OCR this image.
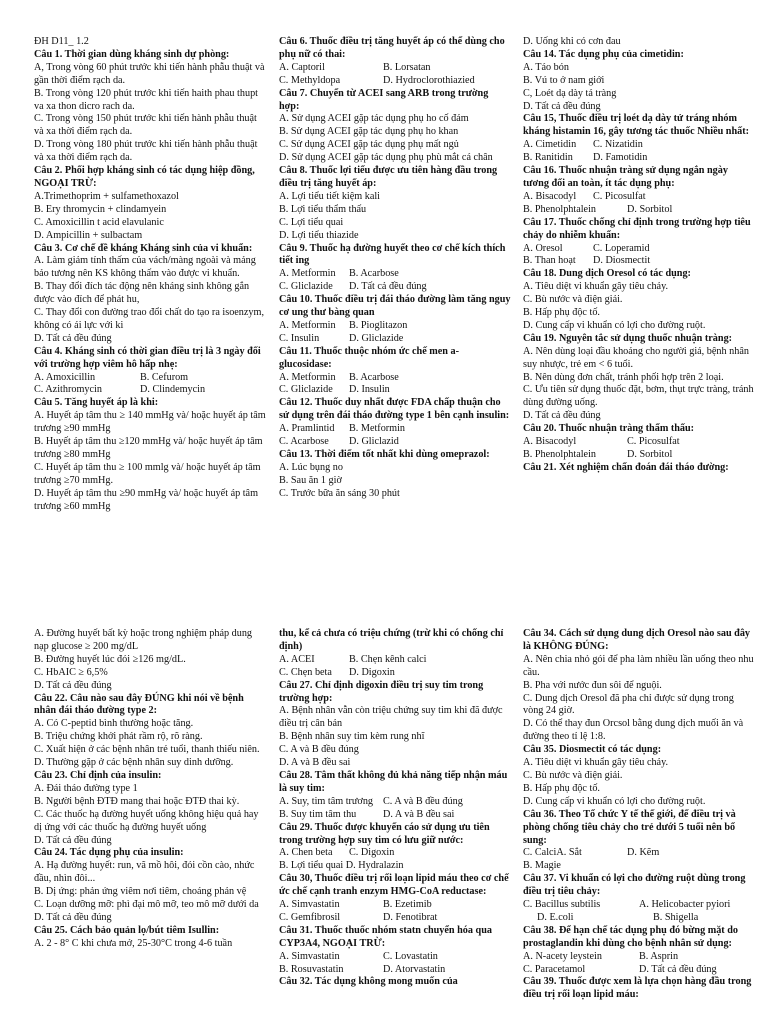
ĐH D11_ 1.2

Câu 1. Thời gian dùng kháng sinh dự phòng:

A, Trong vòng 60 phút trước khi tiến hành phẫu thuật và gần thời điểm rạch da.

B. Trong vòng 120 phút trước khi tiến haith phau thupt va xa thon dicro rach da.

C. Trong vòng 150 phút trước khi tiến hành phẫu thuật và xa thời điểm rạch da.

D. Trong vòng 180 phút trước khi tiến hành phẫu thuật và xa thời điểm rạch da.

Câu 2. Phối hợp kháng sinh có tác dụng hiệp đồng, NGOẠI TRỪ:

A.Trimethoprim + sulfamethoxazol

B. Ery thromycin + clindamyein

C. Amoxicillin t acid elavulanic

D. Ampicillin + sulbactam

Câu 3. Cơ chế đề kháng Kháng sinh của vi khuẩn:

A. Làm giảm tính thấm của vách/màng ngoài và mảng bảo tương nên KS không thấm vào được vi khuẩn.

B. Thay đổi đích tác động nên kháng sinh không gắn được vào đích để phát hu,

C. Thay đổi con đường trao đổi chất do tạo ra isoenzym, không có ái lực với ki

D. Tất cả đều đúng

Câu 4. Kháng sinh có thời gian điều trị là 3 ngày đối với trường hợp viêm hô hấp nhẹ:

A. Amoxicillin	B. Cefurom
C. Azithromycin	D. Clindemycin

Câu 5. Tăng huyết áp là khi:

A. Huyết áp tâm thu ≥ 140 mmHg và/ hoặc huyết áp tâm trương ≥90 mmHg

B. Huyết áp tâm thu ≥120 mmHg và/ hoặc huyết áp tâm trương ≥80 mmHg

C. Huyết áp tâm thu ≥ 100 mmlg và/ hoặc huyết áp tâm trương ≥70 mmHg.

D. Huyết áp tâm thu ≥90 mmHg và/ hoặc huyết áp tâm trương ≥60 mmHg

Câu 6. Thuốc điều trị tăng huyết áp có thể dùng cho phụ nữ có thai:

A. Captoril	B. Lorsatan
C. Methyldopa	D. Hydroclorothiazied

Câu 7. Chuyển từ ACEI sang ARB trong trường hợp:

A. Sử dụng ACEI gặp tác dụng phụ ho cố đám

B. Sử dụng ACEI gặp tác dụng phụ ho khan

C. Sử dụng ACEI gặp tác dụng phụ mất ngủ

D. Sử dụng ACEI gặp tác dụng phụ phù mắt cá chân

Câu 8. Thuốc lợi tiểu được ưu tiên hàng đầu trong điều trị tăng huyết áp:

A. Lợi tiểu tiết kiệm kali

B. Lợi tiểu thẩm thấu

C. Lợi tiểu quai

D. Lợi tiểu thiazide

Câu 9. Thuốc hạ đường huyết theo cơ chế kích thích tiết ing

A. Metformin	B. Acarbose
C. Gliclazide	D. Tất cả đều đúng

Câu 10. Thuốc điều trị đái tháo đường làm tăng nguy cơ ung thư bàng quan

A. Metformin	B. Pioglitazon
C. Insulin	D. Gliclazide

Câu 11. Thuốc thuộc nhóm ức chế men a-glucosidase:

A. Metformin	B. Acarbose
C. Gliclazide	D. Insulin

Câu 12. Thuốc duy nhất được FDA chấp thuận cho sử dụng trên đái tháo đường type 1 bên cạnh insulin:

A. Pramlintid	B. Metformin
C. Acarbose	D. Gliclazid

Câu 13. Thời điểm tốt nhất khi dùng omeprazol:

A. Lúc bụng no

B. Sau ăn 1 giờ

C. Trước bữa ăn sáng 30 phút

D. Uống khi có cơn đau

Câu 14. Tác dụng phụ của cimetidin:

A. Táo bón

B. Vú to ở nam giới

C, Loét dạ dày tá tràng

D. Tất cả đều đúng

Câu 15, Thuốc điều trị loét dạ dày tử tráng nhóm kháng histamin 16, gây tương tác thuốc Nhiều nhất:

A. Cimetidin	C. Nizatidin
B. Ranitidin	D. Famotidin

Câu 16. Thuốc nhuận tràng sử dụng ngắn ngày tương đối an toàn, ít tác dụng phụ:

A. Bisacodyl	C. Picosulfat
B. Phenolphtalein	D. Sorbitol

Câu 17. Thuốc chống chỉ định trong trường hợp tiêu chảy do nhiễm khuẩn:

A. Oresol	C. Loperamid
B. Than hoạt	D. Diosmectit

Câu 18. Dung dịch Oresol có tác dụng:

A. Tiêu diệt vi khuẩn gây tiêu chảy.

C. Bù nước và điện giải.

B. Hấp phụ độc tố.

D. Cung cấp vi khuẩn có lợi cho đường ruột.

Câu 19. Nguyên tắc sử dụng thuốc nhuận tràng:

A. Nên dùng loại đầu khoảng cho người giá, bệnh nhân suy nhược, trẻ em < 6 tuổi.

B. Nên dùng đơn chất, tránh phối hợp trên 2 loại.

C. Ưu tiên sử dụng thuốc đặt, bơm, thụt trực tràng, tránh dùng đường uống.

D. Tất cả đều đúng

Câu 20. Thuốc nhuận tràng thẩm thấu:

A. Bisacodyl	C. Picosulfat
B. Phenolphtalein	D. Sorbitol

Câu 21. Xét nghiệm chẩn đoán đái tháo đường:

A. Đường huyết bất kỳ hoặc trong nghiệm pháp dung nạp glucose ≥ 200 mg/dL

B. Đường huyết lúc đói ≥126 mg/dL.

C. HbAIC ≥ 6,5%

D. Tất cả đều đúng

Câu 22. Câu nào sau đây ĐÚNG khi nói về bệnh nhân đái tháo đường type 2:

A. Có C-peptid bình thường hoặc tăng.

B. Triệu chứng khởi phát rầm rộ, rõ ràng.

C. Xuất hiện ở các bệnh nhân trẻ tuổi, thanh thiếu niên.

D. Thường gặp ở các bệnh nhân suy dinh dưỡng.

Câu 23. Chỉ định của insulin:

A. Đái tháo đường type 1

B. Người bệnh ĐTĐ mang thai hoặc ĐTĐ thai kỳ.

C. Các thuốc hạ đường huyết uống không hiệu quả hay dị ứng với các thuốc hạ đường huyết uống

D. Tất cả đều đúng

Câu 24. Tác dụng phụ của insulin:

A. Hạ đường huyết: run, vã mồ hôi, đói cồn cào, nhức đầu, nhìn đôi...

B. Dị ứng: phản ứng viêm nơi tiêm, choáng phản vệ

C. Loạn dưỡng mỡ: phì đại mô mỡ, teo mô mỡ dưới da

D. Tất cả đều đúng

Câu 25. Cách bảo quản lọ/bút tiêm Isullin:

A. 2 - 8° C khi chưa mở, 25-30°C trong 4-6 tuần

thu, kể cả chưa có triệu chứng (trừ khi có chống chỉ định)

A. ACEI	B. Chẹn kênh calci
C. Chẹn beta	D. Digoxin

Câu 27. Chỉ định digoxin điều trị suy tim trong trường hợp:

A. Bệnh nhân vẫn còn triệu chứng suy tim khi đã được điều trị cân bản

B. Bệnh nhân suy tim kèm rung nhĩ

C. A và B đều đúng

D. A và B đều sai

Câu 28. Tâm thất không đủ khả năng tiếp nhận máu là suy tim:

A. Suy, tim tâm trương C. A và B đều đúng
B. Suy tim tâm thu	D. A và B đều sai

Câu 29. Thuốc được khuyến cáo sử dụng ưu tiên trong trường hợp suy tim có lưu giữ nước:

A. Chen beta	C. Digoxin

B. Lợi tiểu quai D. Hydralazin

Câu 30, Thuốc điều trị rối loạn lipid máu theo cơ chế ức chế cạnh tranh enzym HMG-CoA reductase:

A. Simvastatin	B. Ezetimib
C. Gemfibrosil	D. Fenotibrat

Câu 31. Thuốc thuốc nhóm statn chuyển hóa qua CYP3A4, NGOẠI TRỪ:

A. Simvastatin	C. Lovastatin
B. Rosuvastatin	D. Atorvastatin

Câu 32. Tác dụng không mong muốn của

Câu 34. Cách sử dụng dung dịch Oresol nào sau đây là KHÔNG ĐÚNG:

A. Nên chia nhỏ gói để pha làm nhiều lần uống theo nhu cầu.

B. Pha với nước đun sôi để nguội.

C. Dung dịch Oresol đã pha chỉ được sử dụng trong vòng 24 giờ.

D. Có thể thay đun Orcsol bằng dung dịch muối ăn và đường theo tỉ lệ 1:8.

Câu 35. Diosmectit có tác dụng:

A. Tiêu diệt vi khuẩn gây tiêu chảy.

C. Bù nước và điện giải.

B. Hấp phụ độc tố.

D. Cung cấp vi khuẩn có lợi cho đường ruột.

Câu 36. Theo Tổ chức Y tế thế giới, để điều trị và phòng chống tiêu chảy cho trẻ dưới 5 tuổi nên bổ sung:

C. CalciA. Sắt	D. Kẽm

B. Magie

Câu 37. Vi khuẩn có lợi cho đường ruột dùng trong điều trị tiêu chảy:

C. Bacillus subtilis	A. Helicobacter pyiori
D. E.coli	B. Shigella

Câu 38. Để hạn chế tác dụng phụ đó bừng mặt do prostaglandin khi dùng cho bệnh nhân sử dụng:

A. N-acety leystein	B. Asprin
C. Paracetamol	D. Tất cả đều đúng

Câu 39. Thuốc được xem là lựa chọn hàng đầu trong điều trị rối loạn lipid máu:
